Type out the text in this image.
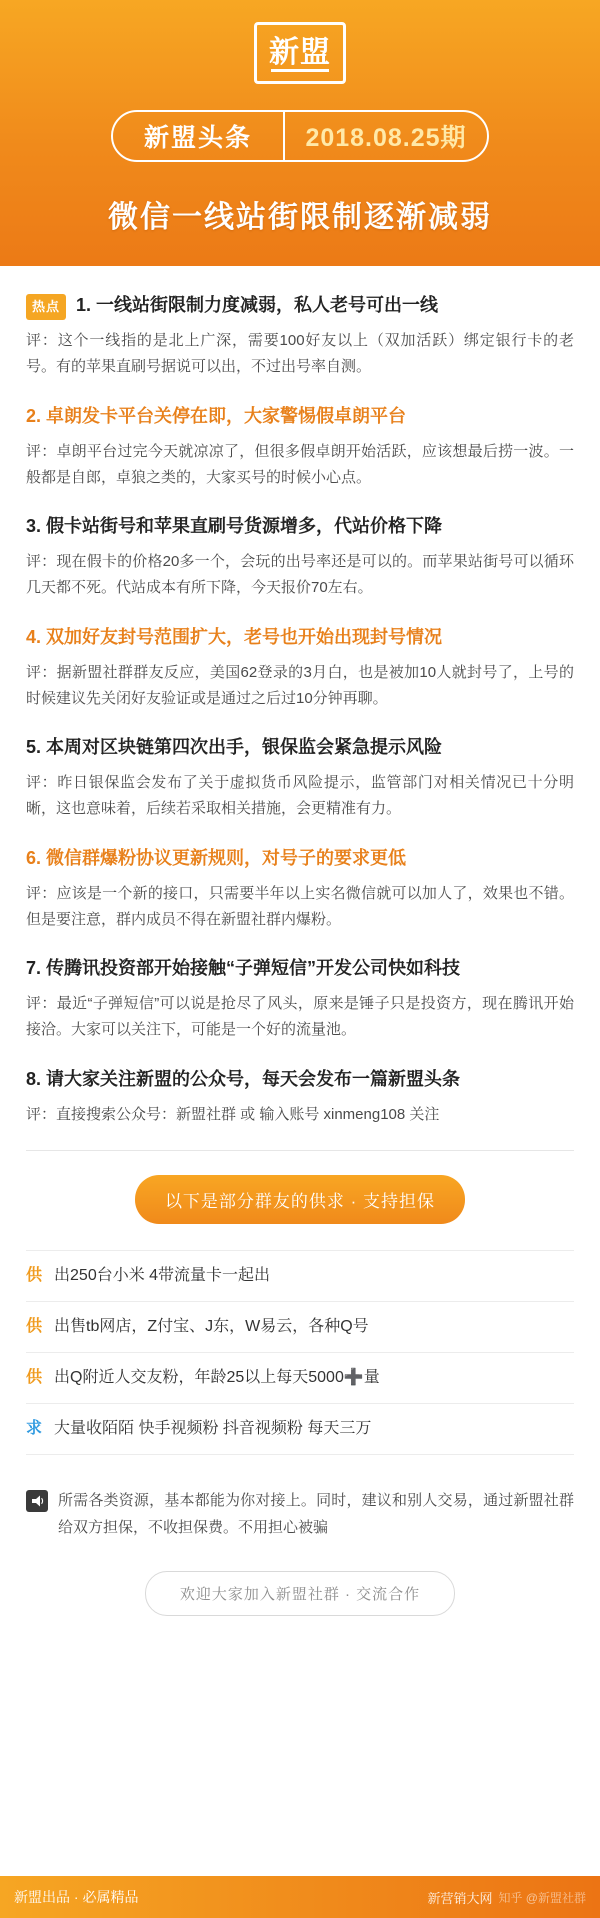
新盟
新盟头条	2018.08.25期
微信一线站街限制逐渐减弱
热点 1. 一线站街限制力度减弱，私人老号可出一线
评：这个一线指的是北上广深，需要100好友以上（双加活跃）绑定银行卡的老号。有的苹果直刷号据说可以出，不过出号率自测。
2. 卓朗发卡平台关停在即，大家警惕假卓朗平台
评：卓朗平台过完今天就凉凉了，但很多假卓朗开始活跃，应该想最后捞一波。一般都是自郎，卓狼之类的，大家买号的时候小心点。
3. 假卡站街号和苹果直刷号货源增多，代站价格下降
评：现在假卡的价格20多一个，会玩的出号率还是可以的。而苹果站街号可以循环几天都不死。代站成本有所下降，今天报价70左右。
4. 双加好友封号范围扩大，老号也开始出现封号情况
评：据新盟社群群友反应，美国62登录的3月白，也是被加10人就封号了，上号的时候建议先关闭好友验证或是通过之后过10分钟再聊。
5. 本周对区块链第四次出手，银保监会紧急提示风险
评：昨日银保监会发布了关于虚拟货币风险提示，监管部门对相关情况已十分明晰，这也意味着，后续若采取相关措施，会更精准有力。
6. 微信群爆粉协议更新规则，对号子的要求更低
评：应该是一个新的接口，只需要半年以上实名微信就可以加人了，效果也不错。但是要注意，群内成员不得在新盟社群内爆粉。
7. 传腾讯投资部开始接触“子弹短信”开发公司快如科技
评：最近“子弹短信”可以说是抢尽了风头，原来是锤子只是投资方，现在腾讯开始接洽。大家可以关注下，可能是一个好的流量池。
8. 请大家关注新盟的公众号，每天会发布一篇新盟头条
评：直接搜索公众号：新盟社群 或 输入账号 xinmeng108 关注
以下是部分群友的供求 · 支持担保
供 出250台小米 4带流量卡一起出
供 出售tb网店，Z付宝、J东，W易云，各种Q号
供 出Q附近人交友粉，年龄25以上每天5000➕量
求 大量收陌陌 快手视频粉 抖音视频粉 每天三万
所需各类资源，基本都能为你对接上。同时，建议和别人交易，通过新盟社群给双方担保，不收担保费。不用担心被骗
欢迎大家加入新盟社群 · 交流合作
新盟出品 · 必属精品	新营销大网 知乎 @新盟社群
